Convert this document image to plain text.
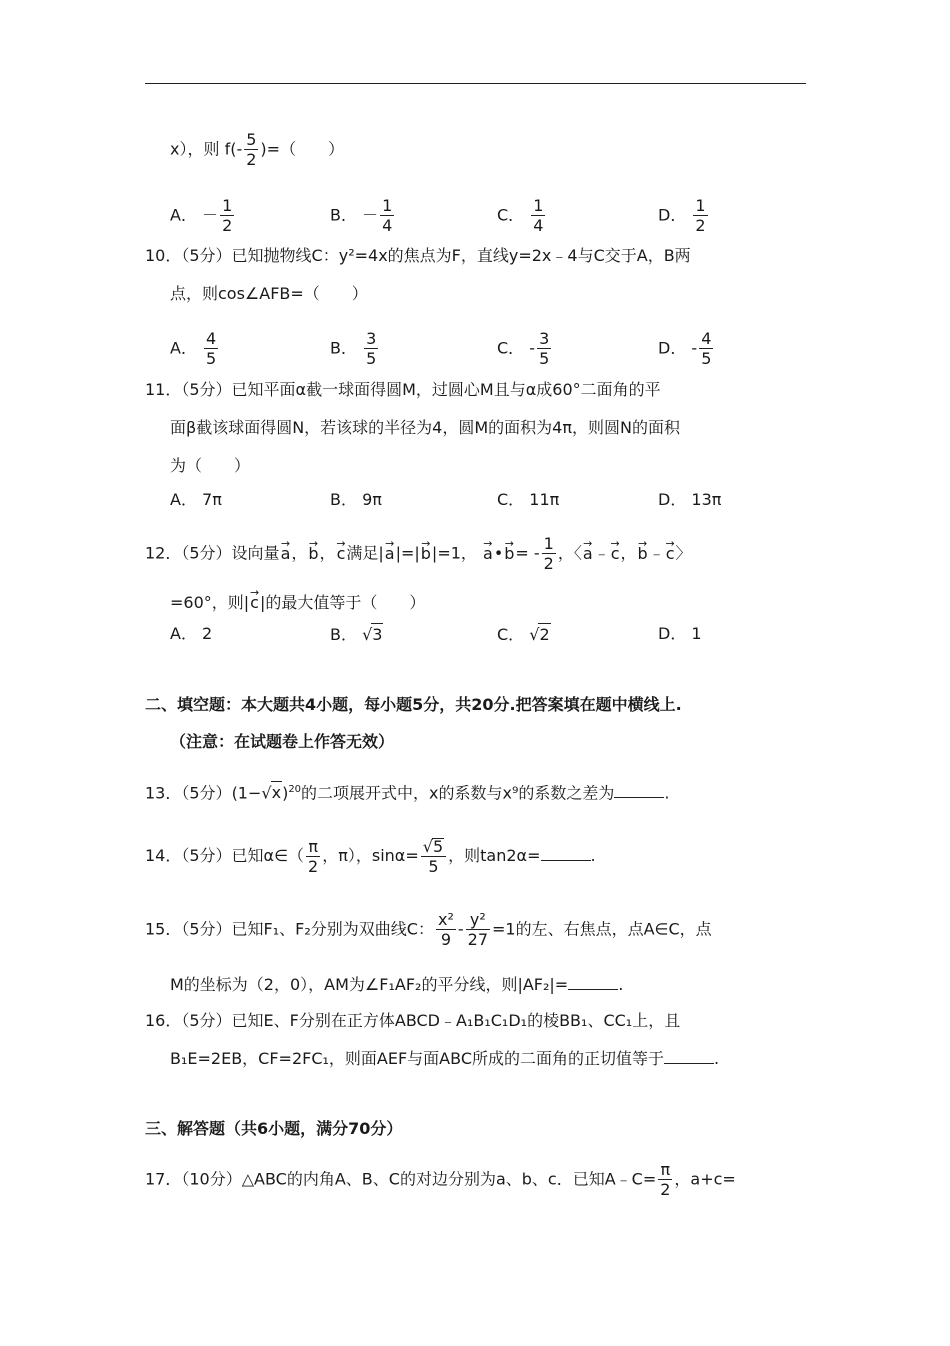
x），则 $f(- \frac{5}{2}$ )=（　　）
A． － $\frac{1}{2}$	B． － $\frac{1}{4}$	C． $\frac{1}{4}$	D． $\frac{1}{2}$
10．（5分）已知抛物线C：y²=4x的焦点为F，直线y=2x﹣4与C交于A，B两
点，则cos∠AFB=（　　）
A． $\frac{4}{5}$	B． $\frac{3}{5}$	C． - $\frac{3}{5}$	D． - $\frac{4}{5}$
11．（5分）已知平面α截一球面得圆M，过圆心M且与α成60°二面角的平
面β截该球面得圆N，若该球的半径为4，圆M的面积为4π，则圆N的面积
为（　　）
A． 7π	B． 9π	C． 11π	D． 13π
12．（5分）设向量→ a，→ b，→ c满足|→ a|=|→ b|=1， → a•→ $b= - \frac{1}{2}$ ，〈→ a﹣→ c，→ b﹣→ c〉
=60°，则|→ c|的最大值等于（　　）
A． 2	B． √3	C． √2	D． 1
二、填空题：本大题共4小题，每小题5分，共20分.把答案填在题中横线上.
（注意：在试题卷上作答无效）
13．（5分）$(1-√x)^{20}$的二项展开式中，x的系数与x⁹的系数之差为	.
14．（5分）已知α∈（ $\frac{\pi}{2}$ ，π），$\sin\alpha= \frac{√5}{5}$ ，则tan2α=	.
15．（5分）已知F₁、F₂分别为双曲线C： $\frac{\text{x²}}{9} - \frac{\text{y²}}{27} =1$的左、右焦点，点A∈C，点
M的坐标为（2，0），AM为∠F₁AF₂的平分线，则|AF₂|=	.
16．（5分）已知E、F分别在正方体ABCD﹣A₁B₁C₁D₁的棱BB₁、CC₁上，且
B₁E=2EB，CF=2FC₁，则面AEF与面ABC所成的二面角的正切值等于	.
三、解答题（共6小题，满分70分）
17．（10分）△ABC的内角A、B、C的对边分别为a、b、c．已知A﹣C= $\frac{\pi}{2}$ ，a+c=
